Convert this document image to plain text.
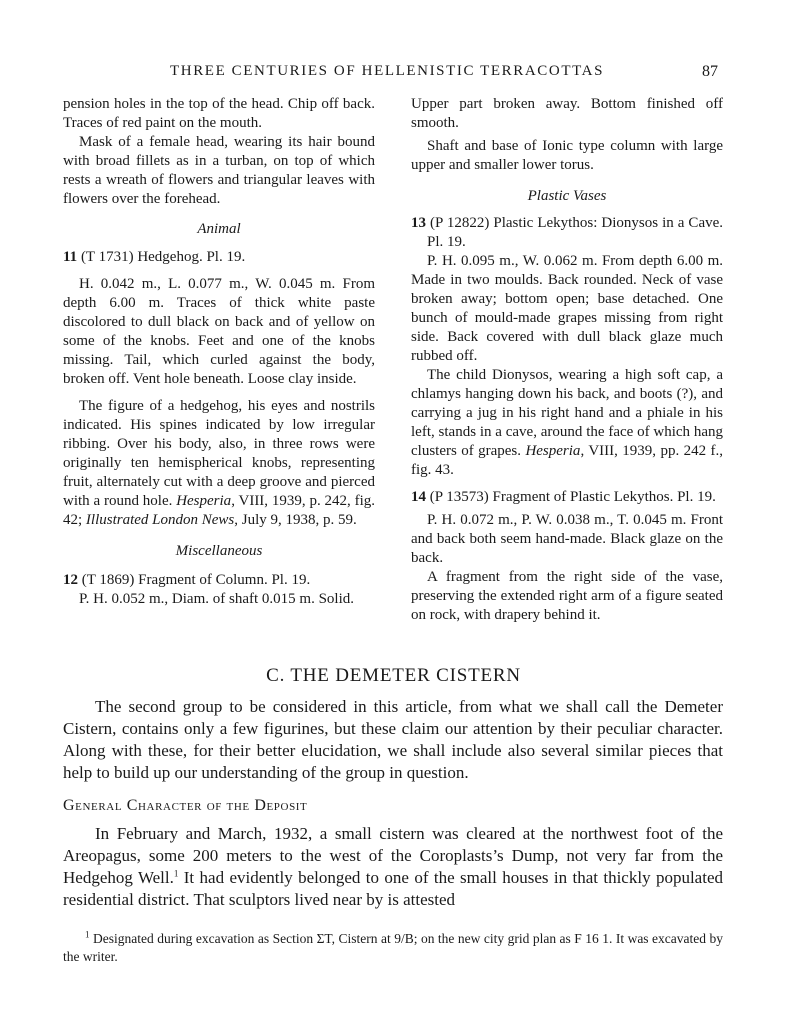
THREE CENTURIES OF HELLENISTIC TERRACOTTAS	87

pension holes in the top of the head. Chip off back. Traces of red paint on the mouth.

Mask of a female head, wearing its hair bound with broad fillets as in a turban, on top of which rests a wreath of flowers and triangular leaves with flowers over the forehead.

Animal

11 (T 1731) Hedgehog. Pl. 19.

H. 0.042 m., L. 0.077 m., W. 0.045 m. From depth 6.00 m. Traces of thick white paste discolored to dull black on back and of yellow on some of the knobs. Feet and one of the knobs missing. Tail, which curled against the body, broken off. Vent hole beneath. Loose clay inside.

The figure of a hedgehog, his eyes and nostrils indicated. His spines indicated by low irregular ribbing. Over his body, also, in three rows were originally ten hemispherical knobs, representing fruit, alternately cut with a deep groove and pierced with a round hole. Hesperia, VIII, 1939, p. 242, fig. 42; Illustrated London News, July 9, 1938, p. 59.

Miscellaneous

12 (T 1869) Fragment of Column. Pl. 19.

P. H. 0.052 m., Diam. of shaft 0.015 m. Solid.

Upper part broken away. Bottom finished off smooth.

Shaft and base of Ionic type column with large upper and smaller lower torus.

Plastic Vases

13 (P 12822) Plastic Lekythos: Dionysos in a Cave. Pl. 19.

P. H. 0.095 m., W. 0.062 m. From depth 6.00 m. Made in two moulds. Back rounded. Neck of vase broken away; bottom open; base detached. One bunch of mould-made grapes missing from right side. Back covered with dull black glaze much rubbed off.

The child Dionysos, wearing a high soft cap, a chlamys hanging down his back, and boots (?), and carrying a jug in his right hand and a phiale in his left, stands in a cave, around the face of which hang clusters of grapes. Hesperia, VIII, 1939, pp. 242 f., fig. 43.

14 (P 13573) Fragment of Plastic Lekythos. Pl. 19.

P. H. 0.072 m., P. W. 0.038 m., T. 0.045 m. Front and back both seem hand-made. Black glaze on the back.

A fragment from the right side of the vase, preserving the extended right arm of a figure seated on rock, with drapery behind it.

C. THE DEMETER CISTERN

The second group to be considered in this article, from what we shall call the Demeter Cistern, contains only a few figurines, but these claim our attention by their peculiar character. Along with these, for their better elucidation, we shall include also several similar pieces that help to build up our understanding of the group in question.

General Character of the Deposit

In February and March, 1932, a small cistern was cleared at the northwest foot of the Areopagus, some 200 meters to the west of the Coroplasts’s Dump, not very far from the Hedgehog Well.$^1$ It had evidently belonged to one of the small houses in that thickly populated residential district. That sculptors lived near by is attested

$^1$ Designated during excavation as Section ΣT, Cistern at 9/B; on the new city grid plan as F 16 1. It was excavated by the writer.
